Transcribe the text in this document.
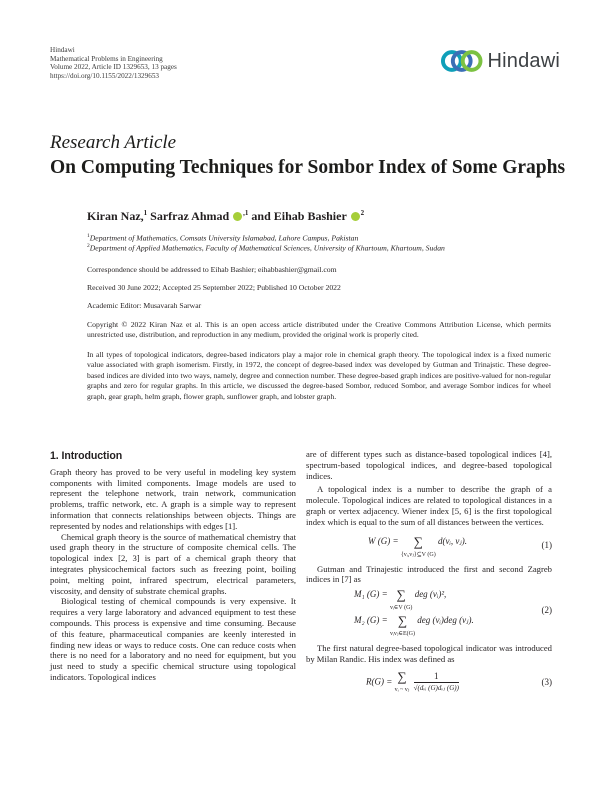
Hindawi
Mathematical Problems in Engineering
Volume 2022, Article ID 1329653, 13 pages
https://doi.org/10.1155/2022/1329653
Hindawi
Research Article
On Computing Techniques for Sombor Index of Some Graphs
Kiran Naz,$^1$ Sarfraz Ahmad $^{,1}$ and Eihab Bashier $^2$
$^1$Department of Mathematics, Comsats University Islamabad, Lahore Campus, Pakistan
$^2$Department of Applied Mathematics, Faculty of Mathematical Sciences, University of Khartoum, Khartoum, Sudan
Correspondence should be addressed to Eihab Bashier; eihabbashier@gmail.com
Received 30 June 2022; Accepted 25 September 2022; Published 10 October 2022
Academic Editor: Musavarah Sarwar
Copyright © 2022 Kiran Naz et al. This is an open access article distributed under the Creative Commons Attribution License, which permits unrestricted use, distribution, and reproduction in any medium, provided the original work is properly cited.
In all types of topological indicators, degree-based indicators play a major role in chemical graph theory. The topological index is a fixed numeric value associated with graph isomerism. Firstly, in 1972, the concept of degree-based index was developed by Gutman and Trinajstic. These degree-based indices are divided into two ways, namely, degree and connection number. These degree-based graph indices are positive-valued for non-regular graphs and zero for regular graphs. In this article, we discussed the degree-based Sombor, reduced Sombor, and average Sombor indices for wheel graph, gear graph, helm graph, flower graph, sunflower graph, and lobster graph.
1. Introduction

Graph theory has proved to be very useful in modeling key system components with limited components. Image models are used to represent the telephone network, train network, communication problems, traffic network, etc. A graph is a simple way to represent information that connects relationships between objects. Things are represented by nodes and relationships with edges [1].

Chemical graph theory is the source of mathematical chemistry that used graph theory in the structure of composite chemical cells. The topological index [2, 3] is part of a chemical graph theory that integrates physicochemical factors such as freezing point, boiling point, melting point, infrared spectrum, electrical parameters, viscosity, and density of substrate chemical graphs.

Biological testing of chemical compounds is very expensive. It requires a very large laboratory and advanced equipment to test these compounds. This process is expensive and time consuming. Because of this feature, pharmaceutical companies are keenly interested in finding new ideas or ways to reduce costs. One can reduce costs when there is no need for a laboratory and no need for equipment, but you just need to study a specific chemical structure using topological indicators. Topological indices

are of different types such as distance-based topological indices [4], spectrum-based topological indices, and degree-based topological indices.

A topological index is a number to describe the graph of a molecule. Topological indices are related to topological distances in a graph or vertex adjacency. Wiener index [5, 6] is the first topological index which is equal to the sum of all distances between the vertices.

W (G) =	∑
{vᵢ,vⱼ}⊆V (G) d(vᵢ, vⱼ).	(1)

Gutman and Trinajestic introduced the first and second Zagreb indices in [7] as

M₁ (G) = ∑
vᵢ∈V (G) deg (vᵢ)²,
M₂ (G) = ∑
vᵢvⱼ∈E(G) deg (vᵢ)deg (vⱼ).
(2)

The first natural degree-based topological indicator was introduced by Milan Randic. His index was defined as

R(G) = ∑
vᵢ ~ vⱼ $\frac{1}{\text{√(dᵥᵢ (G)dᵥⱼ (G))}}$	(3)
